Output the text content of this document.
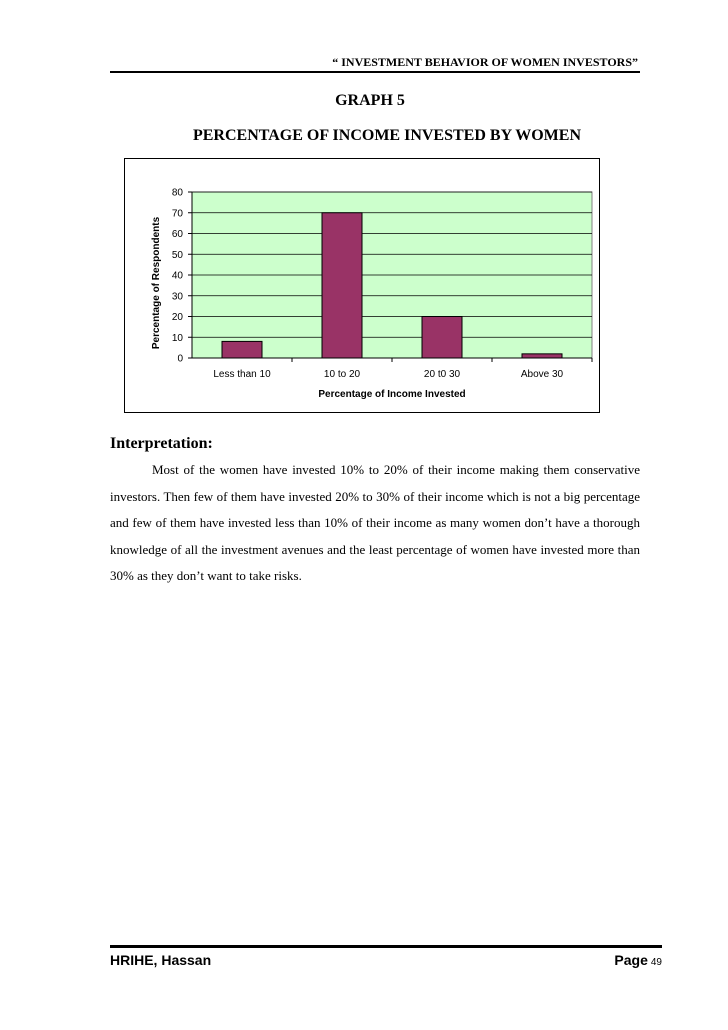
“ INVESTMENT BEHAVIOR OF WOMEN INVESTORS”
GRAPH 5
PERCENTAGE OF INCOME INVESTED BY WOMEN
0
10
20
30
40
50
60
70
80
Less than 10	10 to 20	20 t0 30	Above 30
Percentage of Income Invested
Percentage of Respondents
Interpretation:

Most of the women have invested 10% to 20% of their income making them conservative investors. Then few of them have invested 20% to 30% of their income which is not a big percentage and few of them have invested less than 10% of their income as many women don’t have a thorough knowledge of all the investment avenues and the least percentage of women have invested more than 30% as they don’t want to take risks.

HRIHE, Hassan	Page 49
